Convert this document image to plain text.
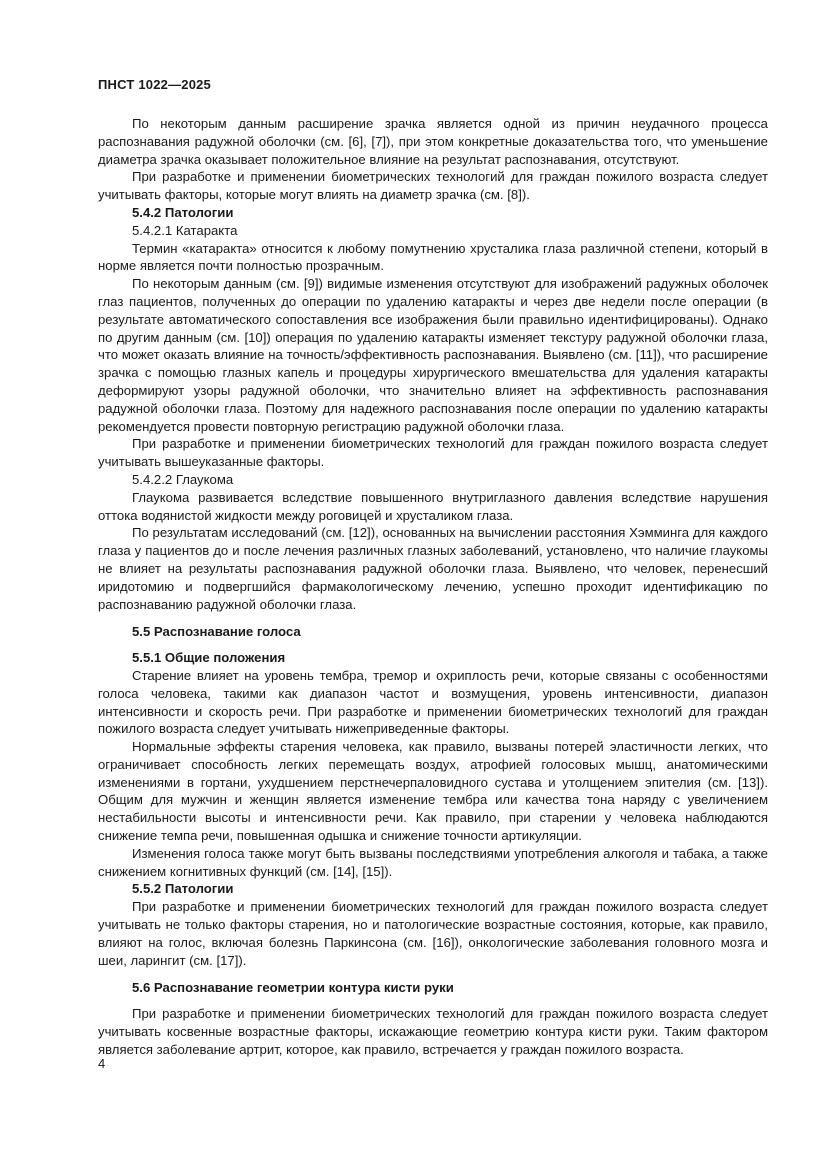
ПНСТ 1022—2025

По некоторым данным расширение зрачка является одной из причин неудачного процесса распознавания радужной оболочки (см. [6], [7]), при этом конкретные доказательства того, что уменьшение диаметра зрачка оказывает положительное влияние на результат распознавания, отсутствуют.

При разработке и применении биометрических технологий для граждан пожилого возраста следует учитывать факторы, которые могут влиять на диаметр зрачка (см. [8]).

5.4.2 Патологии

5.4.2.1 Катаракта

Термин «катаракта» относится к любому помутнению хрусталика глаза различной степени, который в норме является почти полностью прозрачным.

По некоторым данным (см. [9]) видимые изменения отсутствуют для изображений радужных оболочек глаз пациентов, полученных до операции по удалению катаракты и через две недели после операции (в результате автоматического сопоставления все изображения были правильно идентифицированы). Однако по другим данным (см. [10]) операция по удалению катаракты изменяет текстуру радужной оболочки глаза, что может оказать влияние на точность/эффективность распознавания. Выявлено (см. [11]), что расширение зрачка с помощью глазных капель и процедуры хирургического вмешательства для удаления катаракты деформируют узоры радужной оболочки, что значительно влияет на эффективность распознавания радужной оболочки глаза. Поэтому для надежного распознавания после операции по удалению катаракты рекомендуется провести повторную регистрацию радужной оболочки глаза.

При разработке и применении биометрических технологий для граждан пожилого возраста следует учитывать вышеуказанные факторы.

5.4.2.2 Глаукома

Глаукома развивается вследствие повышенного внутриглазного давления вследствие нарушения оттока водянистой жидкости между роговицей и хрусталиком глаза.

По результатам исследований (см. [12]), основанных на вычислении расстояния Хэмминга для каждого глаза у пациентов до и после лечения различных глазных заболеваний, установлено, что наличие глаукомы не влияет на результаты распознавания радужной оболочки глаза. Выявлено, что человек, перенесший иридотомию и подвергшийся фармакологическому лечению, успешно проходит идентификацию по распознаванию радужной оболочки глаза.

5.5 Распознавание голоса

5.5.1 Общие положения

Старение влияет на уровень тембра, тремор и охриплость речи, которые связаны с особенностями голоса человека, такими как диапазон частот и возмущения, уровень интенсивности, диапазон интенсивности и скорость речи. При разработке и применении биометрических технологий для граждан пожилого возраста следует учитывать нижеприведенные факторы.

Нормальные эффекты старения человека, как правило, вызваны потерей эластичности легких, что ограничивает способность легких перемещать воздух, атрофией голосовых мышц, анатомическими изменениями в гортани, ухудшением перстнечерпаловидного сустава и утолщением эпителия (см. [13]). Общим для мужчин и женщин является изменение тембра или качества тона наряду с увеличением нестабильности высоты и интенсивности речи. Как правило, при старении у человека наблюдаются снижение темпа речи, повышенная одышка и снижение точности артикуляции.

Изменения голоса также могут быть вызваны последствиями употребления алкоголя и табака, а также снижением когнитивных функций (см. [14], [15]).

5.5.2 Патологии

При разработке и применении биометрических технологий для граждан пожилого возраста следует учитывать не только факторы старения, но и патологические возрастные состояния, которые, как правило, влияют на голос, включая болезнь Паркинсона (см. [16]), онкологические заболевания головного мозга и шеи, ларингит (см. [17]).

5.6 Распознавание геометрии контура кисти руки

При разработке и применении биометрических технологий для граждан пожилого возраста следует учитывать косвенные возрастные факторы, искажающие геометрию контура кисти руки. Таким фактором является заболевание артрит, которое, как правило, встречается у граждан пожилого возраста.

4
